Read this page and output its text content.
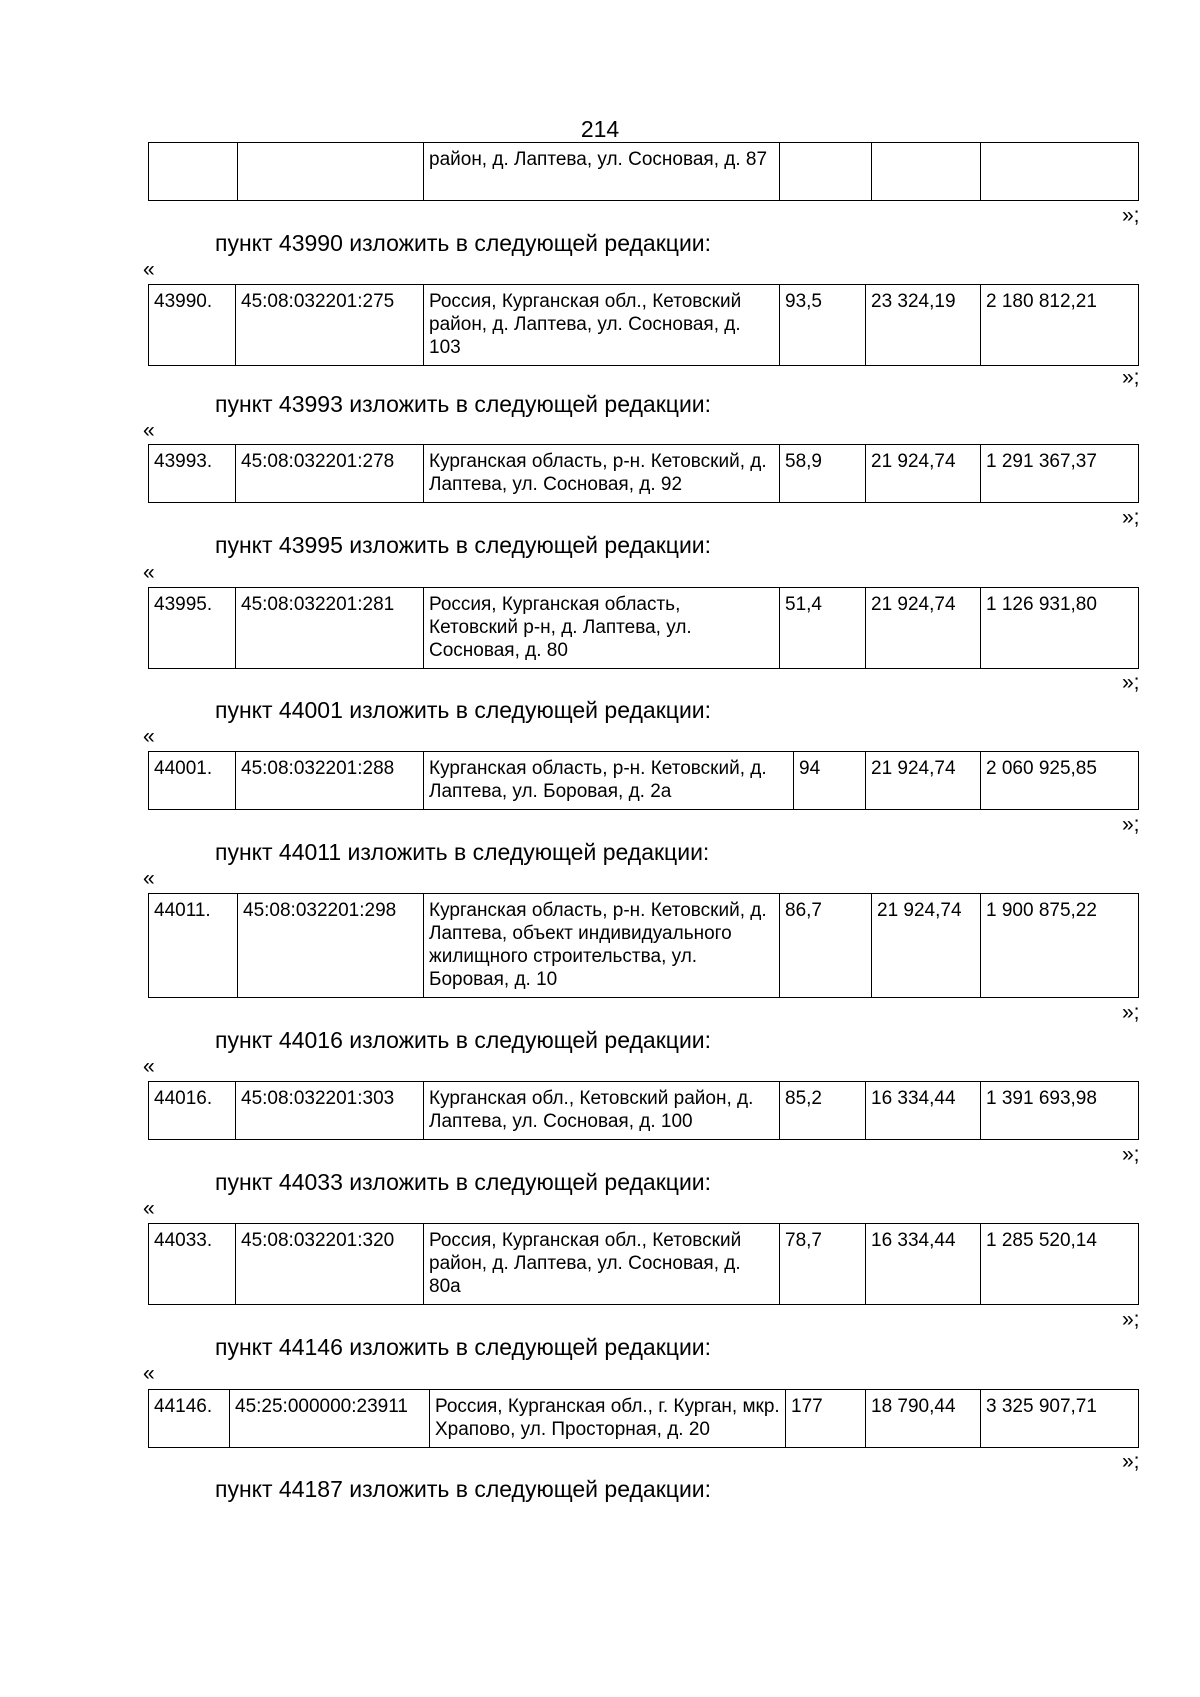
214
		район, д. Лаптева, ул. Сосновая, д. 87			
»;
пункт 43990 изложить в следующей редакции:
«
43990.	45:08:032201:275	Россия, Курганская обл., Кетовский район, д. Лаптева, ул. Сосновая, д. 103	93,5	23 324,19	2 180 812,21
»;
пункт 43993 изложить в следующей редакции:
«
43993.	45:08:032201:278	Курганская область, р-н. Кетовский, д. Лаптева, ул. Сосновая, д. 92	58,9	21 924,74	1 291 367,37
»;
пункт 43995 изложить в следующей редакции:
«
43995.	45:08:032201:281	Россия, Курганская область, Кетовский р-н, д. Лаптева, ул. Сосновая, д. 80	51,4	21 924,74	1 126 931,80
»;
пункт 44001 изложить в следующей редакции:
«
44001.	45:08:032201:288	Курганская область, р-н. Кетовский, д. Лаптева, ул. Боровая, д. 2а	94	21 924,74	2 060 925,85
»;
пункт 44011 изложить в следующей редакции:
«
44011.	45:08:032201:298	Курганская область, р-н. Кетовский, д. Лаптева, объект индивидуального жилищного строительства, ул. Боровая, д. 10	86,7	21 924,74	1 900 875,22
»;
пункт 44016 изложить в следующей редакции:
«
44016.	45:08:032201:303	Курганская обл., Кетовский район, д. Лаптева, ул. Сосновая, д. 100	85,2	16 334,44	1 391 693,98
»;
пункт 44033 изложить в следующей редакции:
«
44033.	45:08:032201:320	Россия, Курганская обл., Кетовский район, д. Лаптева, ул. Сосновая, д. 80а	78,7	16 334,44	1 285 520,14
»;
пункт 44146 изложить в следующей редакции:
«
44146.	45:25:000000:23911	Россия, Курганская обл., г. Курган, мкр. Храпово, ул. Просторная, д. 20	177	18 790,44	3 325 907,71
»;
пункт 44187 изложить в следующей редакции:
